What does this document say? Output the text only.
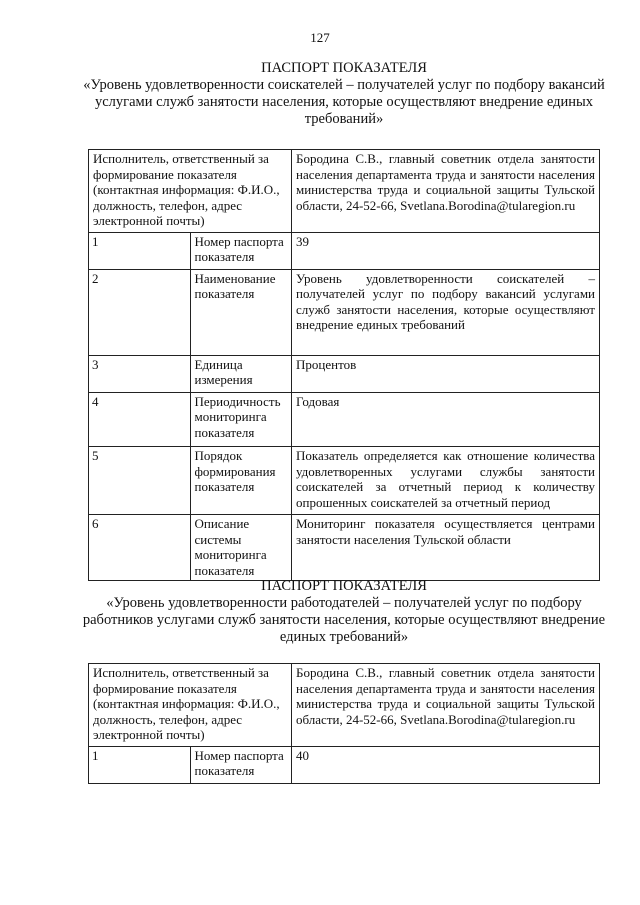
127
ПАСПОРТ ПОКАЗАТЕЛЯ
«Уровень удовлетворенности соискателей – получателей услуг по подбору вакансий услугами служб занятости населения, которые осуществляют внедрение единых требований»
Исполнитель, ответственный за формирование показателя (контактная информация: Ф.И.О., должность, телефон, адрес электронной почты)		Бородина С.В., главный советник отдела занятости населения департамента труда и занятости населения министерства труда и социальной защиты Тульской области, 24-52-66, Svetlana.Borodina@tularegion.ru
1	Номер паспорта показателя	39
2	Наименование показателя	Уровень удовлетворенности соискателей – получателей услуг по подбору вакансий услугами служб занятости населения, которые осуществляют внедрение единых требований
3	Единица измерения	Процентов
4	Периодичность мониторинга показателя	Годовая
5	Порядок формирования показателя	Показатель определяется как отношение количества удовлетворенных услугами службы занятости соискателей за отчетный период к количеству опрошенных соискателей за отчетный период
6	Описание системы мониторинга показателя	Мониторинг показателя осуществляется центрами занятости населения Тульской области
ПАСПОРТ ПОКАЗАТЕЛЯ
«Уровень удовлетворенности работодателей – получателей услуг по подбору работников услугами служб занятости населения, которые осуществляют внедрение единых требований»
Исполнитель, ответственный за формирование показателя (контактная информация: Ф.И.О., должность, телефон, адрес электронной почты)		Бородина С.В., главный советник отдела занятости населения департамента труда и занятости населения министерства труда и социальной защиты Тульской области, 24-52-66, Svetlana.Borodina@tularegion.ru
1	Номер паспорта показателя	40
